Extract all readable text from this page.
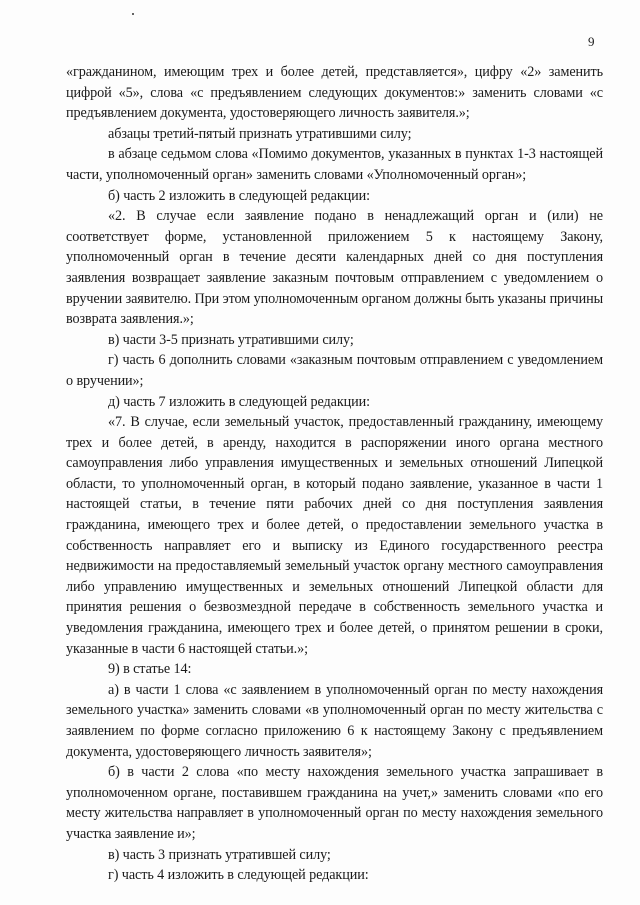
9

«гражданином, имеющим трех и более детей, представляется», цифру «2» заменить цифрой «5», слова «с предъявлением следующих документов:» заменить словами «с предъявлением документа, удостоверяющего личность заявителя.»;

абзацы третий-пятый признать утратившими силу;

в абзаце седьмом слова «Помимо документов, указанных в пунктах 1-3 настоящей части, уполномоченный орган» заменить словами «Уполномоченный орган»;

б) часть 2 изложить в следующей редакции:

«2. В случае если заявление подано в ненадлежащий орган и (или) не соответствует форме, установленной приложением 5 к настоящему Закону, уполномоченный орган в течение десяти календарных дней со дня поступления заявления возвращает заявление заказным почтовым отправлением с уведомлением о вручении заявителю. При этом уполномоченным органом должны быть указаны причины возврата заявления.»;

в) части 3-5 признать утратившими силу;

г) часть 6 дополнить словами «заказным почтовым отправлением с уведомлением о вручении»;

д) часть 7 изложить в следующей редакции:

«7. В случае, если земельный участок, предоставленный гражданину, имеющему трех и более детей, в аренду, находится в распоряжении иного органа местного самоуправления либо управления имущественных и земельных отношений Липецкой области, то уполномоченный орган, в который подано заявление, указанное в части 1 настоящей статьи, в течение пяти рабочих дней со дня поступления заявления гражданина, имеющего трех и более детей, о предоставлении земельного участка в собственность направляет его и выписку из Единого государственного реестра недвижимости на предоставляемый земельный участок органу местного самоуправления либо управлению имущественных и земельных отношений Липецкой области для принятия решения о безвозмездной передаче в собственность земельного участка и уведомления гражданина, имеющего трех и более детей, о принятом решении в сроки, указанные в части 6 настоящей статьи.»;

9) в статье 14:

а) в части 1 слова «с заявлением в уполномоченный орган по месту нахождения земельного участка» заменить словами «в уполномоченный орган по месту жительства с заявлением по форме согласно приложению 6 к настоящему Закону с предъявлением документа, удостоверяющего личность заявителя»;

б) в части 2 слова «по месту нахождения земельного участка запрашивает в уполномоченном органе, поставившем гражданина на учет,» заменить словами «по его месту жительства направляет в уполномоченный орган по месту нахождения земельного участка заявление и»;

в) часть 3 признать утратившей силу;

г) часть 4 изложить в следующей редакции:
